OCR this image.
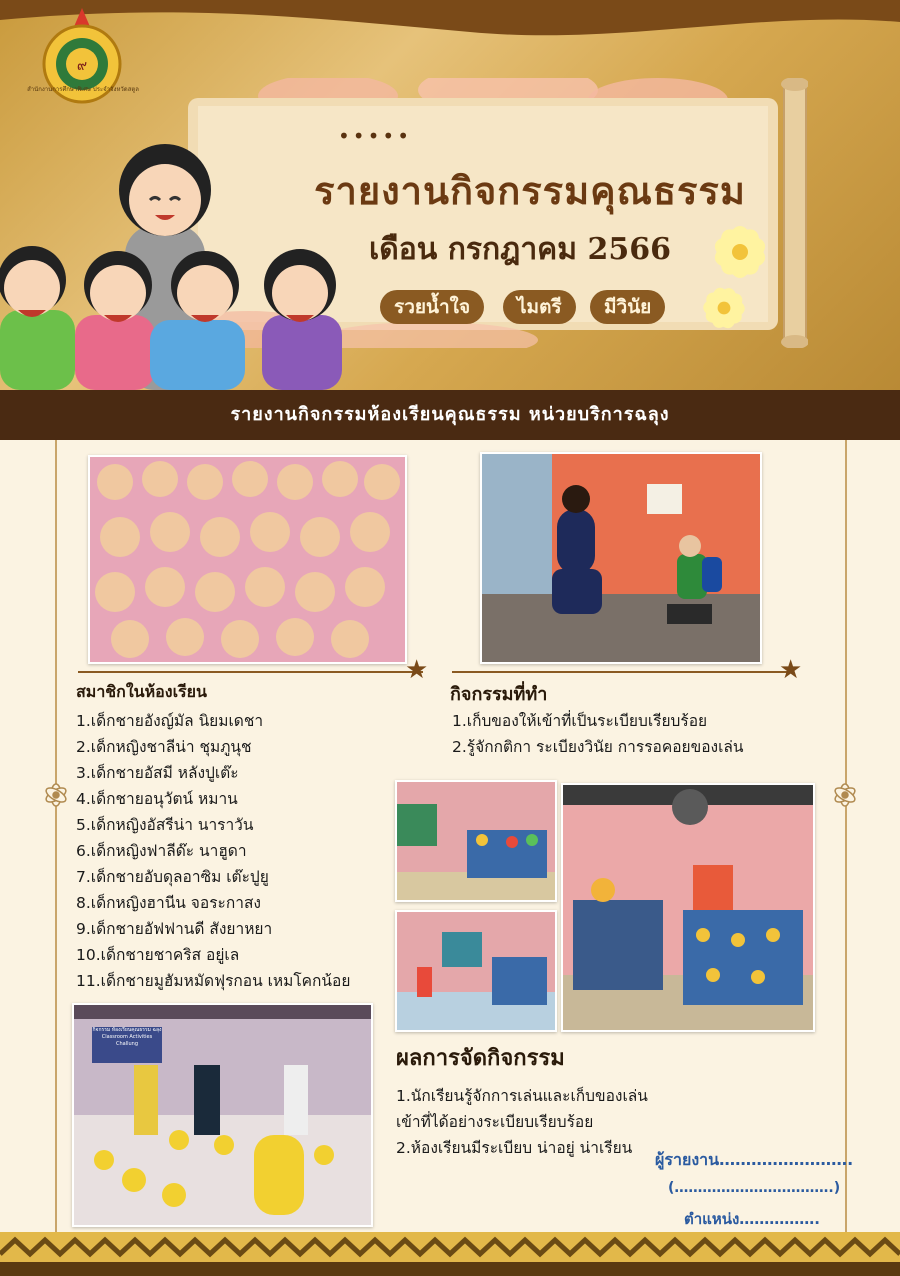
๙
สำนักงานการศึกษาพิเศษ ประจำจังหวัดสตูล
•••••
รายงานกิจกรรมคุณธรรม
เดือน กรกฎาคม 2566
รวยน้ำใจ	ไมตรี	มีวินัย
รายงานกิจกรรมห้องเรียนคุณธรรม หน่วยบริการฉลุง
★
สมาชิกในห้องเรียน
1.เด็กชายอังญ์มัล นิยมเดชา
2.เด็กหญิงชาลีน่า ชุมภูนุช
3.เด็กชายอัสมี หลังปูเต๊ะ
4.เด็กชายอนุวัตน์ หมาน
5.เด็กหญิงอัสรีน่า นาราวัน
6.เด็กหญิงฟาลีด๊ะ นาฮูดา
7.เด็กชายอับดุลอาซิม เต๊ะปูยู
8.เด็กหญิงฮานีน จอระกาสง
9.เด็กชายอัฟฟานดี สังยาหยา
10.เด็กชายชาคริส อยู่เล
11.เด็กชายมูฮัมหมัดฟุรกอน เหมโคกน้อย
★
กิจกรรมที่ทำ
1.เก็บของให้เข้าที่เป็นระเบียบเรียบร้อย
2.รู้จักกติกา ระเบียงวินัย การรอคอยของเล่น
กิจกรรม ห้องเรียนคุณธรรม ฉลุง
Classroom Activities Challung
ผลการจัดกิจกรรม
1.นักเรียนรู้จักการเล่นและเก็บของเล่น
เข้าที่ได้อย่างระเบียบเรียบร้อย
2.ห้องเรียนมีระเบียบ น่าอยู่ น่าเรียน
ผู้รายงาน…………………….
(…………………………….)
ตำแหน่ง…………….
